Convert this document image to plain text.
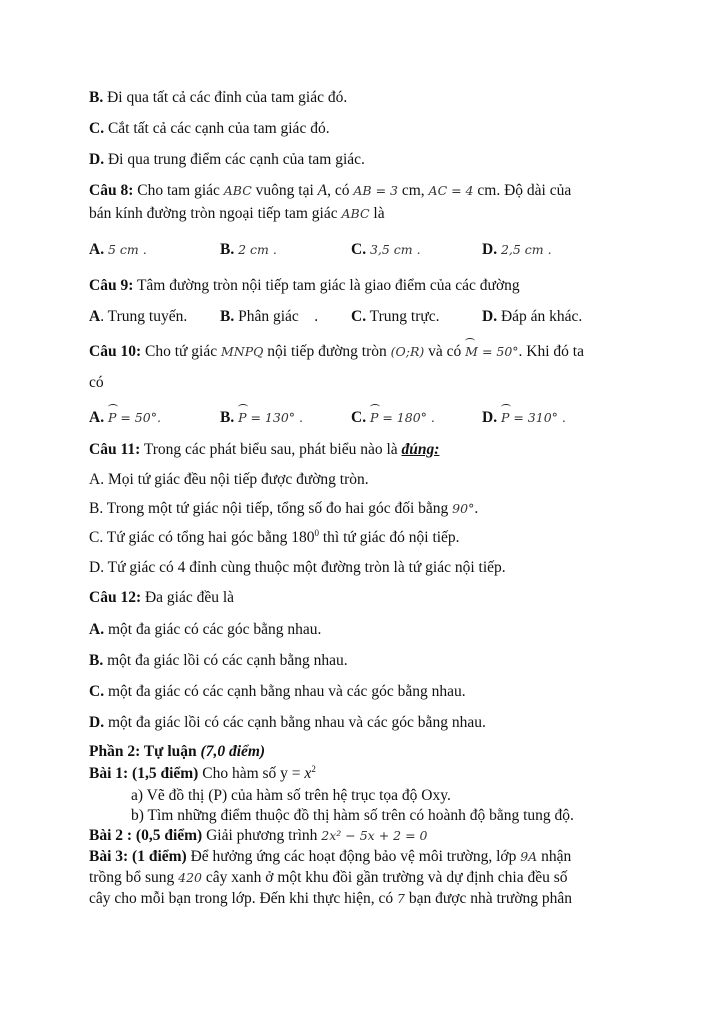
B. Đi qua tất cả các đỉnh của tam giác đó.
C. Cắt tất cả các cạnh của tam giác đó.
D. Đi qua trung điểm các cạnh của tam giác.
Câu 8: Cho tam giác ABC vuông tại A, có AB = 3 cm, AC = 4 cm. Độ dài của
bán kính đường tròn ngoại tiếp tam giác ABC là
A. 5 cm .	B. 2 cm .	C. 3,5 cm .	D. 2,5 cm .
Câu 9: Tâm đường tròn nội tiếp tam giác là giao điểm của các đường
A. Trung tuyến. B. Phân giác    . C. Trung trực.	D. Đáp án khác.
Câu 10: Cho tứ giác MNPQ nội tiếp đường tròn (O;R) và có M = 50°. Khi đó ta
có
A. P = 50°.	B. P = 130° .	C. P = 180° .	D. P = 310° .
Câu 11: Trong các phát biểu sau, phát biểu nào là đúng:
A. Mọi tứ giác đều nội tiếp được đường tròn.
B. Trong một tứ giác nội tiếp, tổng số đo hai góc đối bằng 90°.
C. Tứ giác có tổng hai góc bằng $180^0$ thì tứ giác đó nội tiếp.
D. Tứ giác có 4 đỉnh cùng thuộc một đường tròn là tứ giác nội tiếp.
Câu 12: Đa giác đều là
A. một đa giác có các góc bằng nhau.
B. một đa giác lồi có các cạnh bằng nhau.
C. một đa giác có các cạnh bằng nhau và các góc bằng nhau.
D. một đa giác lồi có các cạnh bằng nhau và các góc bằng nhau.
Phần 2: Tự luận (7,0 điểm)
Bài 1: (1,5 điểm) Cho hàm số $y = x^2$
a) Vẽ đồ thị (P) của hàm số trên hệ trục tọa độ Oxy.
b) Tìm những điểm thuộc đồ thị hàm số trên có hoành độ bằng tung độ.
Bài 2 : (0,5 điểm) Giải phương trình 2x² − 5x + 2 = 0
Bài 3: (1 điểm) Để hưởng ứng các hoạt động bảo vệ môi trường, lớp 9A nhận
trồng bổ sung 420 cây xanh ở một khu đồi gần trường và dự định chia đều số
cây cho mỗi bạn trong lớp. Đến khi thực hiện, có 7 bạn được nhà trường phân
